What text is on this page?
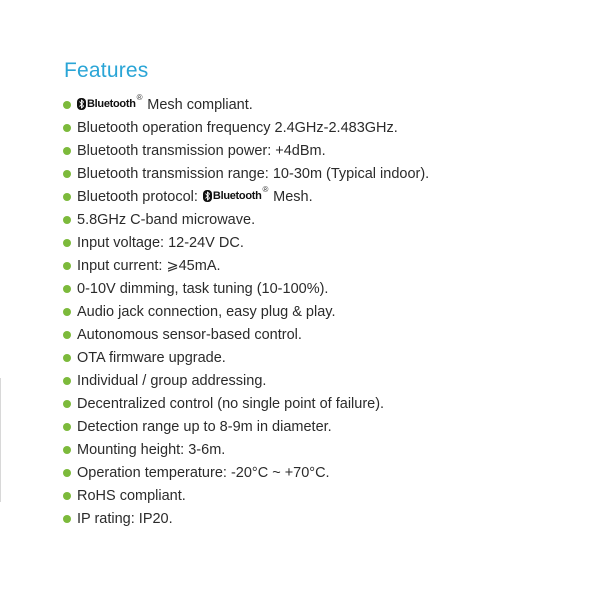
Features
Bluetooth ® Mesh compliant.
Bluetooth operation frequency 2.4GHz-2.483GHz.
Bluetooth transmission power: +4dBm.
Bluetooth transmission range: 10-30m (Typical indoor).
Bluetooth protocol: Bluetooth ® Mesh.
5.8GHz C-band microwave.
Input voltage: 12-24V DC.
Input current: ⩾45mA.
0-10V dimming, task tuning (10-100%).
Audio jack connection, easy plug & play.
Autonomous sensor-based control.
OTA firmware upgrade.
Individual / group addressing.
Decentralized control (no single point of failure).
Detection range up to 8-9m in diameter.
Mounting height: 3-6m.
Operation temperature: -20°C ~ +70°C.
RoHS compliant.
IP rating: IP20.
